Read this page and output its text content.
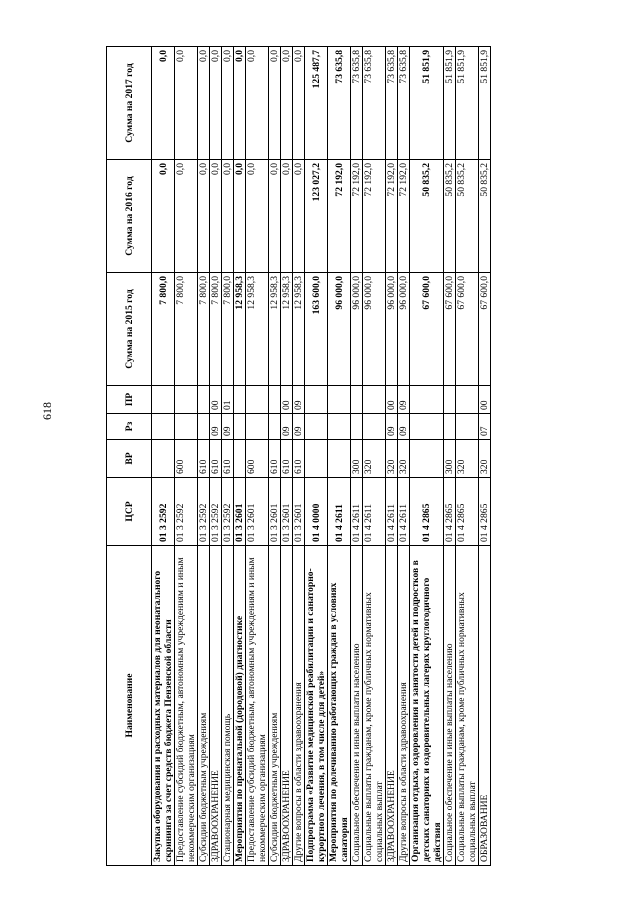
618
Наименование	ЦСР	ВР	Рз	ПР	Сумма на 2015 год	Сумма на 2016 год	Сумма на 2017 год
Закупка оборудования и расходных материалов для неонатального скрининга за счет средств бюджета Пензенской области	01 3 2592				7 800,0	0,0	0,0
Предоставление субсидий бюджетным, автономным учреждениям и иным некоммерческим организациям	01 3 2592	600			7 800,0	0,0	0,0
Субсидии бюджетным учреждениям	01 3 2592	610			7 800,0	0,0	0,0
ЗДРАВООХРАНЕНИЕ	01 3 2592	610	09	00	7 800,0	0,0	0,0
Стационарная медицинская помощь	01 3 2592	610	09	01	7 800,0	0,0	0,0
Мероприятия по пренатальной (дородовой) диагностике	01 3 2601				12 958,3	0,0	0,0
Предоставление субсидий бюджетным, автономным учреждениям и иным некоммерческим организациям	01 3 2601	600			12 958,3	0,0	0,0
Субсидии бюджетным учреждениям	01 3 2601	610			12 958,3	0,0	0,0
ЗДРАВООХРАНЕНИЕ	01 3 2601	610	09	00	12 958,3	0,0	0,0
Другие вопросы в области здравоохранения	01 3 2601	610	09	09	12 958,3	0,0	0,0
Подпрограмма «Развитие медицинской реабилитации и санаторно-курортного лечения, в том числе для детей»	01 4 0000				163 600,0	123 027,2	125 487,7
Мероприятия по долечиванию работающих граждан в условиях санатория	01 4 2611				96 000,0	72 192,0	73 635,8
Социальное обеспечение и иные выплаты населению	01 4 2611	300			96 000,0	72 192,0	73 635,8
Социальные выплаты гражданам, кроме публичных нормативных социальных выплат	01 4 2611	320			96 000,0	72 192,0	73 635,8
ЗДРАВООХРАНЕНИЕ	01 4 2611	320	09	00	96 000,0	72 192,0	73 635,8
Другие вопросы в области здравоохранения	01 4 2611	320	09	09	96 000,0	72 192,0	73 635,8
Организация отдыха, оздоровления и занятости детей и подростков в детских санаториях и оздоровительных лагерях круглогодичного действия	01 4 2865				67 600,0	50 835,2	51 851,9
Социальное обеспечение и иные выплаты населению	01 4 2865	300			67 600,0	50 835,2	51 851,9
Социальные выплаты гражданам, кроме публичных нормативных социальных выплат	01 4 2865	320			67 600,0	50 835,2	51 851,9
ОБРАЗОВАНИЕ	01 4 2865	320	07	00	67 600,0	50 835,2	51 851,9
